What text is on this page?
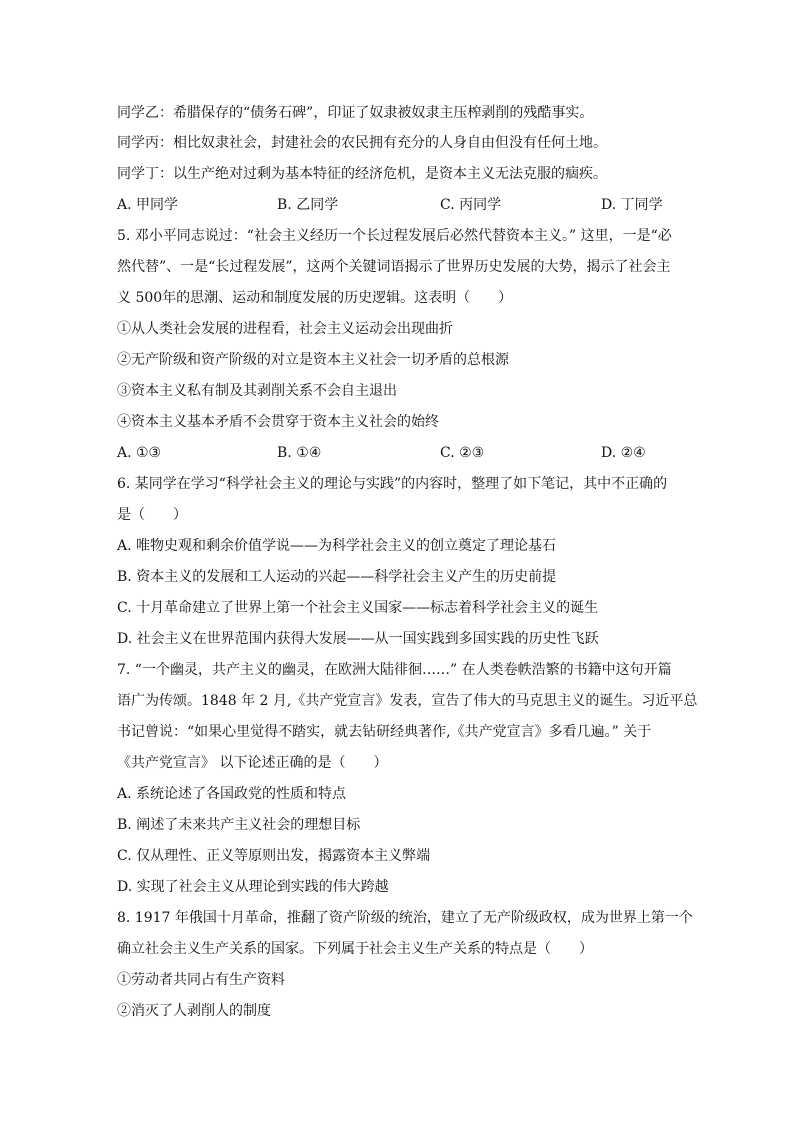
同学乙：希腊保存的“债务石碑”，印证了奴隶被奴隶主压榨剥削的残酷事实。
同学丙：相比奴隶社会，封建社会的农民拥有充分的人身自由但没有任何土地。
同学丁：以生产绝对过剩为基本特征的经济危机，是资本主义无法克服的痼疾。
A. 甲同学	B. 乙同学	C. 丙同学	D. 丁同学
5. 邓小平同志说过：“社会主义经历一个长过程发展后必然代替资本主义。” 这里，一是“必
然代替”、一是“长过程发展”，这两个关键词语揭示了世界历史发展的大势，揭示了社会主
义 500年的思潮、运动和制度发展的历史逻辑。这表明（　　）
①从人类社会发展的进程看，社会主义运动会出现曲折
②无产阶级和资产阶级的对立是资本主义社会一切矛盾的总根源
③资本主义私有制及其剥削关系不会自主退出
④资本主义基本矛盾不会贯穿于资本主义社会的始终
A. ①③	B. ①④	C. ②③	D. ②④
6. 某同学在学习“科学社会主义的理论与实践”的内容时，整理了如下笔记，其中不正确的
是（　　）
A. 唯物史观和剩余价值学说——为科学社会主义的创立奠定了理论基石
B. 资本主义的发展和工人运动的兴起——科学社会主义产生的历史前提
C. 十月革命建立了世界上第一个社会主义国家——标志着科学社会主义的诞生
D. 社会主义在世界范围内获得大发展——从一国实践到多国实践的历史性飞跃
7. “一个幽灵，共产主义的幽灵，在欧洲大陆徘徊……” 在人类卷帙浩繁的书籍中这句开篇
语广为传颂。1848 年 2 月,《共产党宣言》发表，宣告了伟大的马克思主义的诞生。习近平总
书记曾说：“如果心里觉得不踏实，就去钻研经典著作,《共产党宣言》多看几遍。” 关于
《共产党宣言》 以下论述正确的是（　　）
A. 系统论述了各国政党的性质和特点
B. 阐述了未来共产主义社会的理想目标
C. 仅从理性、正义等原则出发，揭露资本主义弊端
D. 实现了社会主义从理论到实践的伟大跨越
8. 1917 年俄国十月革命，推翻了资产阶级的统治，建立了无产阶级政权，成为世界上第一个
确立社会主义生产关系的国家。下列属于社会主义生产关系的特点是（　　）
①劳动者共同占有生产资料
②消灭了人剥削人的制度
